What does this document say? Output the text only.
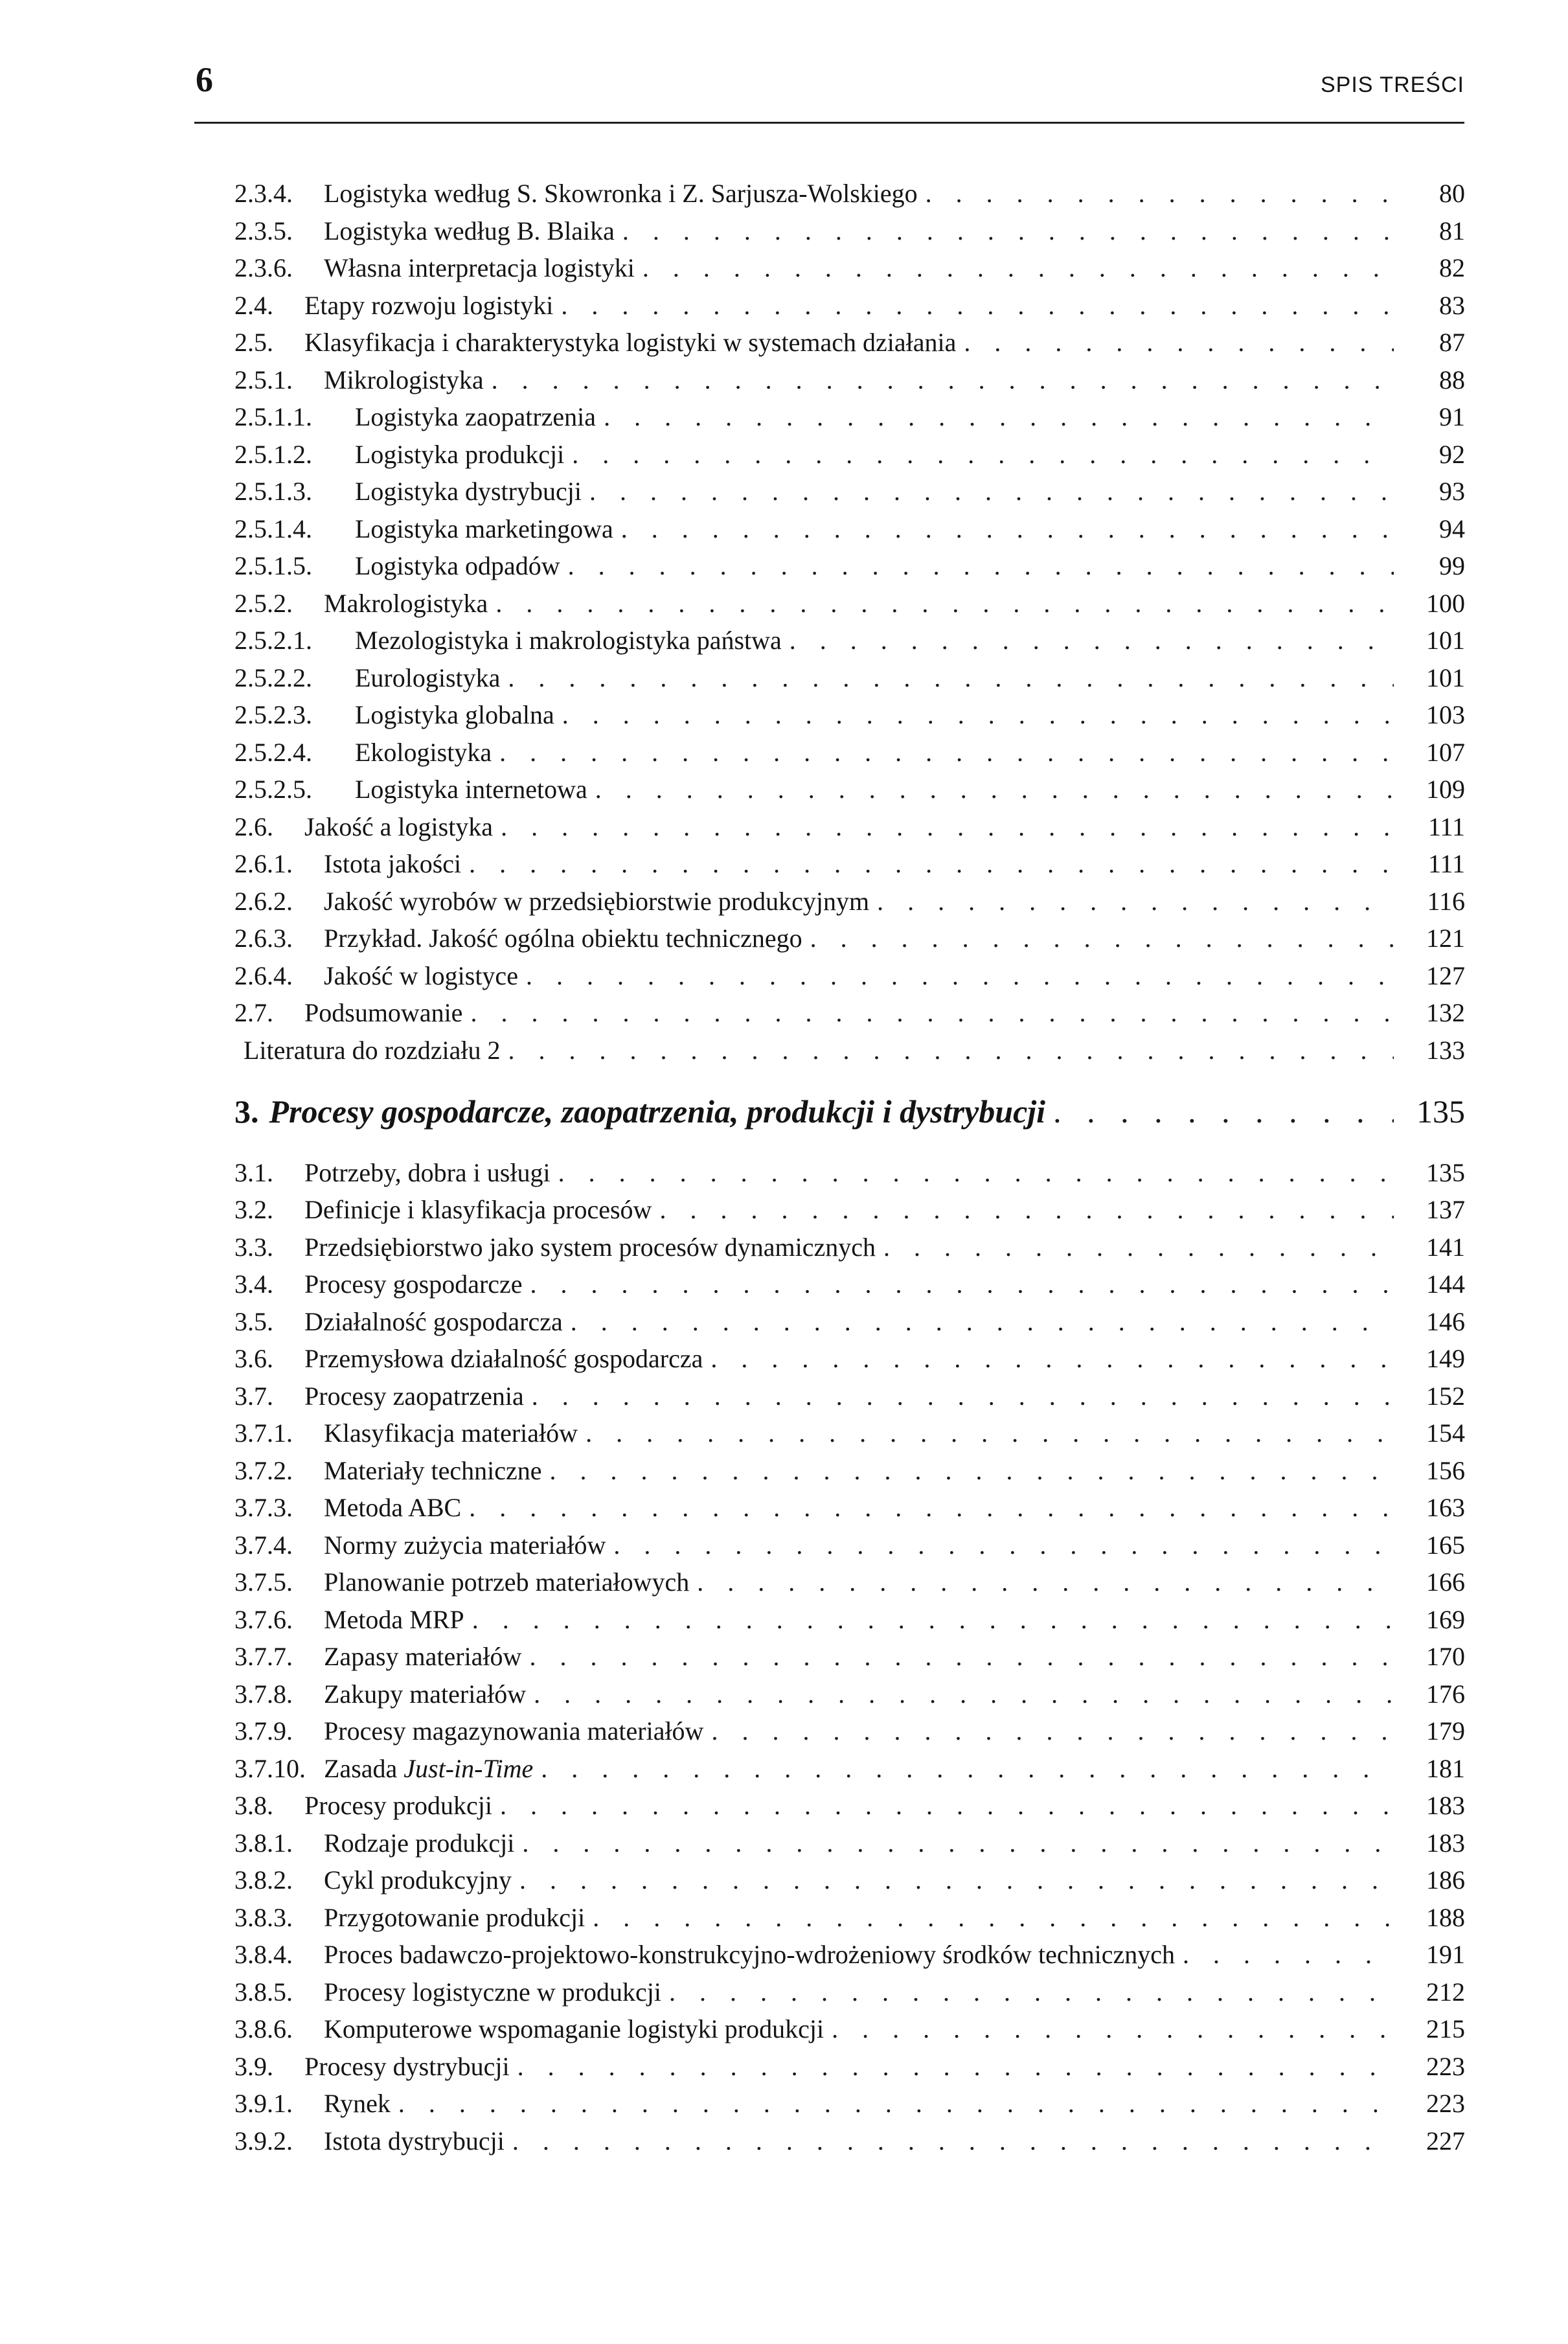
6	SPIS TREŚCI
2.3.4.	Logistyka według S. Skowronka i Z. Sarjusza-Wolskiego . . .	80
2.3.5.	Logistyka według B. Blaika . . .	81
2.3.6.	Własna interpretacja logistyki . . .	82
2.4.	Etapy rozwoju logistyki . . .	83
2.5.	Klasyfikacja i charakterystyka logistyki w systemach działania . . .	87
2.5.1.	Mikrologistyka . . .	88
2.5.1.1.	Logistyka zaopatrzenia . . .	91
2.5.1.2.	Logistyka produkcji . . .	92
2.5.1.3.	Logistyka dystrybucji . . .	93
2.5.1.4.	Logistyka marketingowa . . .	94
2.5.1.5.	Logistyka odpadów . . .	99
2.5.2.	Makrologistyka . . .	100
2.5.2.1.	Mezologistyka i makrologistyka państwa . . .	101
2.5.2.2.	Eurologistyka . . .	101
2.5.2.3.	Logistyka globalna . . .	103
2.5.2.4.	Ekologistyka . . .	107
2.5.2.5.	Logistyka internetowa . . .	109
2.6.	Jakość a logistyka . . .	111
2.6.1.	Istota jakości . . .	111
2.6.2.	Jakość wyrobów w przedsiębiorstwie produkcyjnym . . .	116
2.6.3.	Przykład. Jakość ogólna obiektu technicznego . . .	121
2.6.4.	Jakość w logistyce . . .	127
2.7.	Podsumowanie . . .	132
Literatura do rozdziału 2 . . .	133
3. Procesy gospodarcze, zaopatrzenia, produkcji i dystrybucji . . .	135
3.1.	Potrzeby, dobra i usługi . . .	135
3.2.	Definicje i klasyfikacja procesów . . .	137
3.3.	Przedsiębiorstwo jako system procesów dynamicznych . . .	141
3.4.	Procesy gospodarcze . . .	144
3.5.	Działalność gospodarcza . . .	146
3.6.	Przemysłowa działalność gospodarcza . . .	149
3.7.	Procesy zaopatrzenia . . .	152
3.7.1.	Klasyfikacja materiałów . . .	154
3.7.2.	Materiały techniczne . . .	156
3.7.3.	Metoda ABC . . .	163
3.7.4.	Normy zużycia materiałów . . .	165
3.7.5.	Planowanie potrzeb materiałowych . . .	166
3.7.6.	Metoda MRP . . .	169
3.7.7.	Zapasy materiałów . . .	170
3.7.8.	Zakupy materiałów . . .	176
3.7.9.	Procesy magazynowania materiałów . . .	179
3.7.10. Zasada Just-in-Time . . .	181
3.8.	Procesy produkcji . . .	183
3.8.1.	Rodzaje produkcji . . .	183
3.8.2.	Cykl produkcyjny . . .	186
3.8.3.	Przygotowanie produkcji . . .	188
3.8.4.	Proces badawczo-projektowo-konstrukcyjno-wdrożeniowy środków technicznych . . .	191
3.8.5.	Procesy logistyczne w produkcji . . .	212
3.8.6.	Komputerowe wspomaganie logistyki produkcji . . .	215
3.9.	Procesy dystrybucji . . .	223
3.9.1.	Rynek . . .	223
3.9.2.	Istota dystrybucji . . .	227
